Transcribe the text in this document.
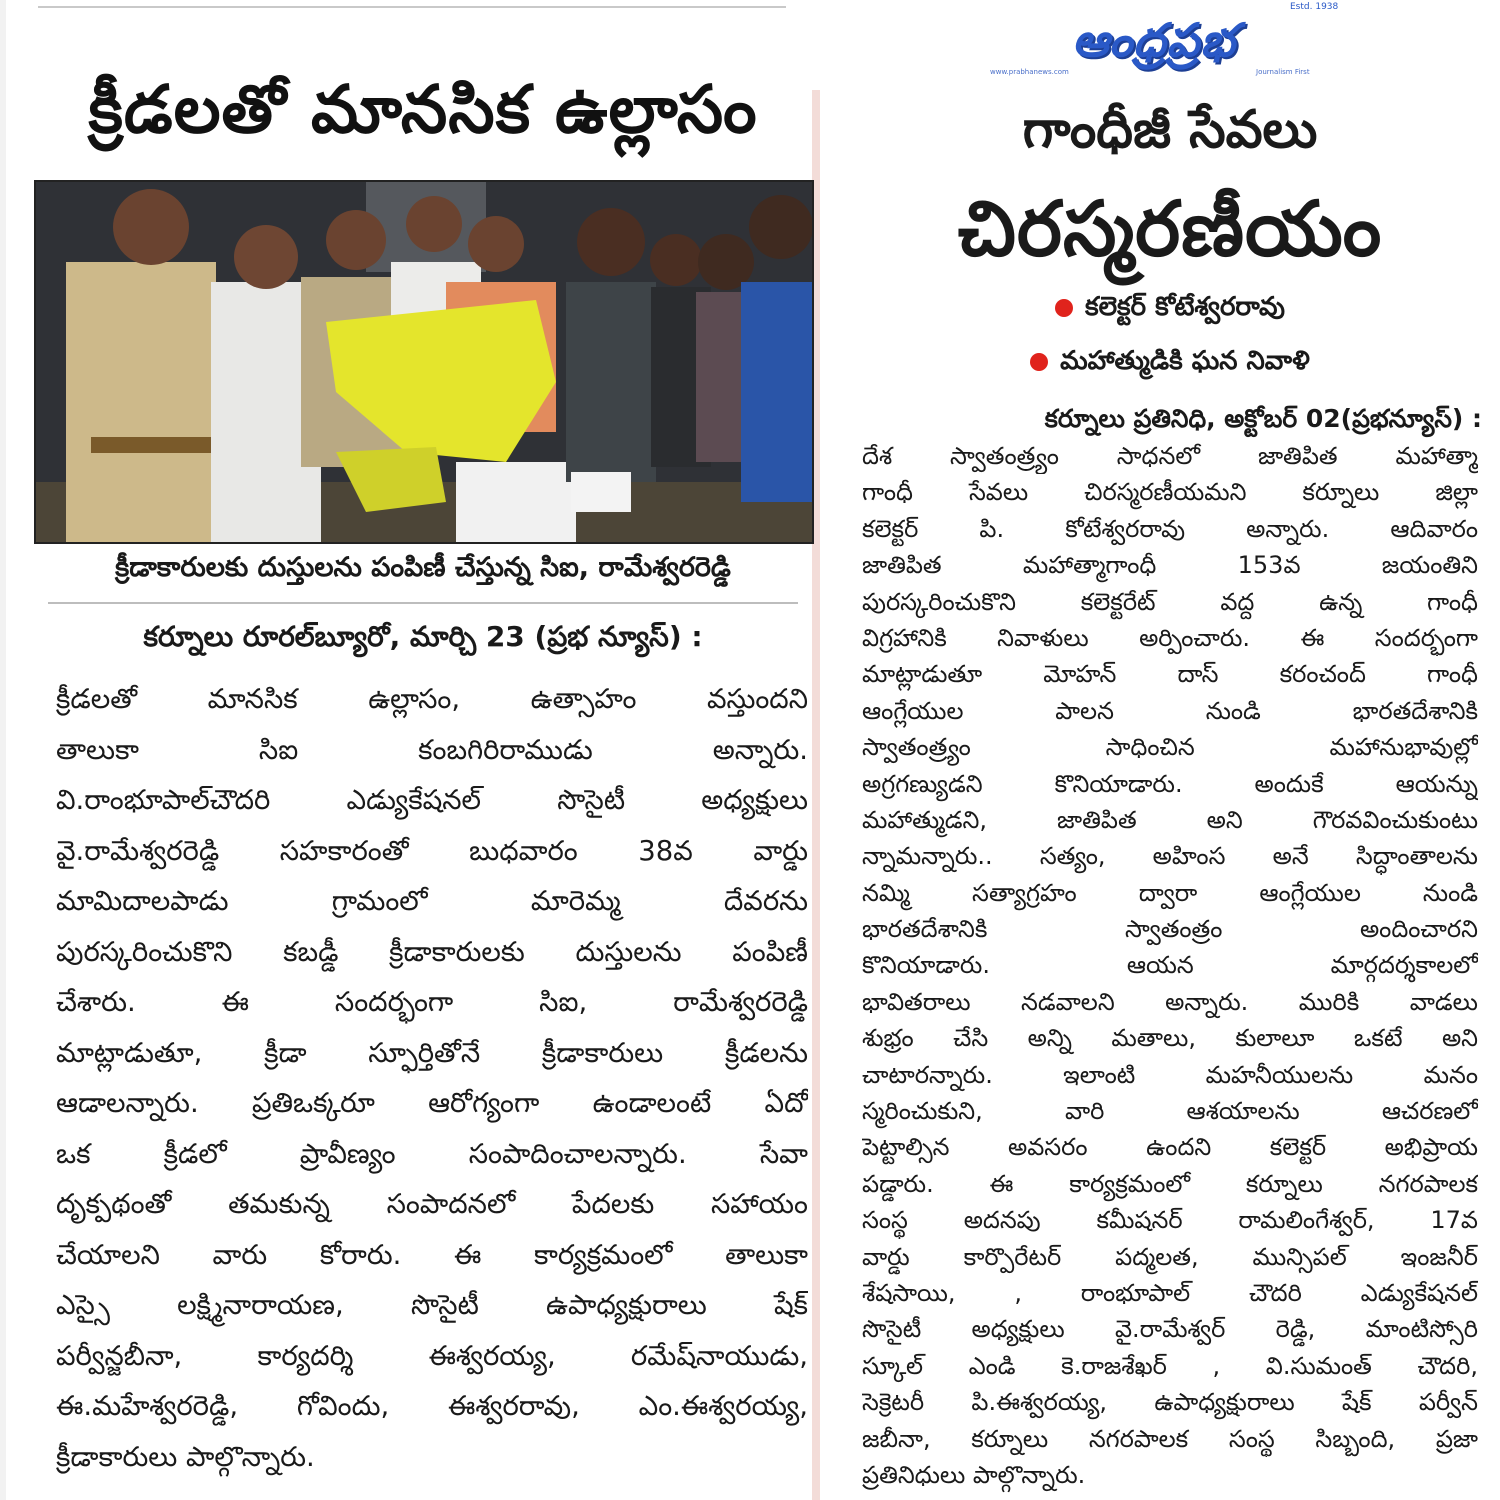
క్రీడలతో మానసిక ఉల్లాసం
క్రీడాకారులకు దుస్తులను పంపిణీ చేస్తున్న సిఐ, రామేశ్వరరెడ్డి
కర్నూలు రూరల్‌బ్యూరో, మార్చి 23 (ప్రభ న్యూస్) :
క్రీడలతో మానసిక ఉల్లాసం, ఉత్సాహం వస్తుందని
తాలుకా సిఐ కంబగిరిరాముడు అన్నారు.
వి.రాంభూపాల్‌చౌదరి ఎడ్యుకేషనల్ సొసైటీ అధ్యక్షులు
వై.రామేశ్వరరెడ్డి సహకారంతో బుధవారం 38వ వార్డు
మామిదాలపాడు గ్రామంలో మారెమ్మ దేవరను
పురస్కరించుకొని కబడ్డీ క్రీడాకారులకు దుస్తులను పంపిణీ
చేశారు. ఈ సందర్భంగా సిఐ, రామేశ్వరరెడ్డి
మాట్లాడుతూ, క్రీడా స్ఫూర్తితోనే క్రీడాకారులు క్రీడలను
ఆడాలన్నారు. ప్రతిఒక్కరూ ఆరోగ్యంగా ఉండాలంటే ఏదో
ఒక క్రీడలో ప్రావీణ్యం సంపాదించాలన్నారు. సేవా
దృక్పథంతో తమకున్న సంపాదనలో పేదలకు సహాయం
చేయాలని వారు కోరారు. ఈ కార్యక్రమంలో తాలుకా
ఎస్సై లక్ష్మినారాయణ, సొసైటీ ఉపాధ్యక్షురాలు షేక్
పర్వీన్జబీనా, కార్యదర్శి ఈశ్వరయ్య, రమేష్‌నాయుడు,
ఈ.మహేశ్వరరెడ్డి, గోవిందు, ఈశ్వరరావు, ఎం.ఈశ్వరయ్య,
క్రీడాకారులు పాల్గొన్నారు.
ఆంధ్రప్రభ
Estd. 1938
www.prabhanews.com	Journalism First
గాంధీజీ సేవలు
చిరస్మరణీయం
కలెక్టర్ కోటేశ్వరరావు
మహాత్ముడికి ఘన నివాళి
కర్నూలు ప్రతినిధి, అక్టోబర్ 02(ప్రభన్యూస్) :
దేశ స్వాతంత్ర్యం సాధనలో జాతిపిత మహాత్మా
గాంధీ సేవలు చిరస్మరణీయమని కర్నూలు జిల్లా
కలెక్టర్ పి. కోటేశ్వరరావు అన్నారు. ఆదివారం
జాతిపిత మహాత్మాగాంధీ 153వ జయంతిని
పురస్కరించుకొని కలెక్టరేట్ వద్ద ఉన్న గాంధీ
విగ్రహానికి నివాళులు అర్పించారు. ఈ సందర్భంగా
మాట్లాడుతూ మోహన్ దాస్ కరంచంద్ గాంధీ
ఆంగ్లేయుల పాలన నుండి భారతదేశానికి
స్వాతంత్ర్యం సాధించిన మహానుభావుల్లో
అగ్రగణ్యుడని కొనియాడారు. అందుకే ఆయన్ను
మహాత్ముడని, జాతిపిత అని గౌరవవించుకుంటు
న్నామన్నారు.. సత్యం, అహింస అనే సిద్ధాంతాలను
నమ్మి సత్యాగ్రహం ద్వారా ఆంగ్లేయుల నుండి
భారతదేశానికి స్వాతంత్రం అందించారని
కొనియాడారు. ఆయన మార్గదర్శకాలలో
భావితరాలు నడవాలని అన్నారు. మురికి వాడలు
శుభ్రం చేసి అన్ని మతాలు, కులాలూ ఒకటే అని
చాటారన్నారు. ఇలాంటి మహనీయులను మనం
స్మరించుకుని, వారి ఆశయాలను ఆచరణలో
పెట్టాల్సిన అవసరం ఉందని కలెక్టర్ అభిప్రాయ
పడ్డారు. ఈ కార్యక్రమంలో కర్నూలు నగరపాలక
సంస్థ అదనపు కమీషనర్ రామలింగేశ్వర్, 17వ
వార్డు కార్పొరేటర్ పద్మలత, మున్సిపల్ ఇంజనీర్
శేషసాయి, , రాంభూపాల్ చౌదరి ఎడ్యుకేషనల్
సొసైటీ అధ్యక్షులు వై.రామేశ్వర్ రెడ్డి, మాంటిస్సోరి
స్కూల్ ఎండి కె.రాజశేఖర్ , వి.సుమంత్ చౌదరి,
సెక్రెటరీ పి.ఈశ్వరయ్య, ఉపాధ్యక్షురాలు షేక్ పర్వీన్
జబీనా, కర్నూలు నగరపాలక సంస్థ సిబ్బంది, ప్రజా
ప్రతినిధులు పాల్గొన్నారు.
